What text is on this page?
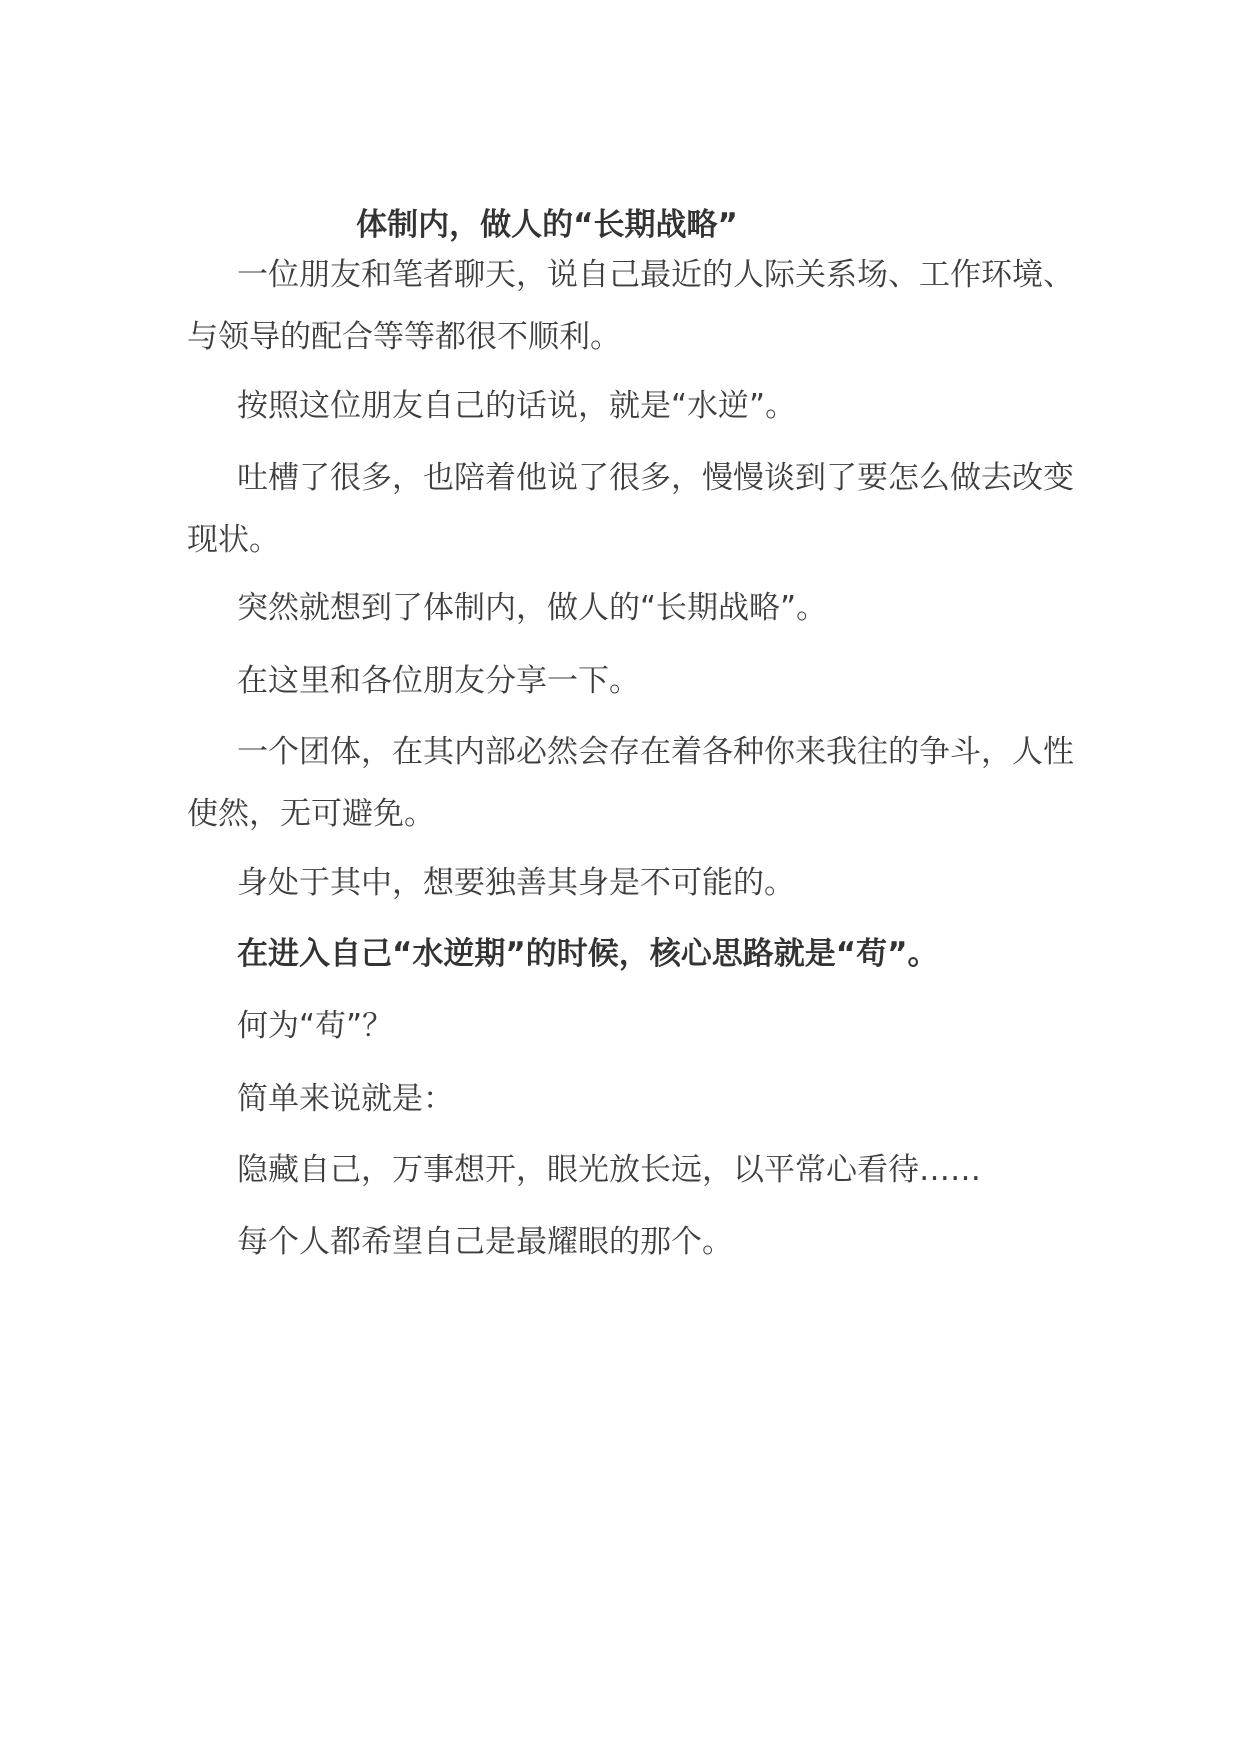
体制内，做人的“长期战略”
一位朋友和笔者聊天，说自己最近的人际关系场、工作环境、与领导的配合等等都很不顺利。
按照这位朋友自己的话说，就是“水逆”。
吐槽了很多，也陪着他说了很多，慢慢谈到了要怎么做去改变现状。
突然就想到了体制内，做人的“长期战略”。
在这里和各位朋友分享一下。
一个团体，在其内部必然会存在着各种你来我往的争斗，人性使然，无可避免。
身处于其中，想要独善其身是不可能的。
在进入自己“水逆期”的时候，核心思路就是“苟”。
何为“苟”？
简单来说就是：
隐藏自己，万事想开，眼光放长远，以平常心看待……
每个人都希望自己是最耀眼的那个。
